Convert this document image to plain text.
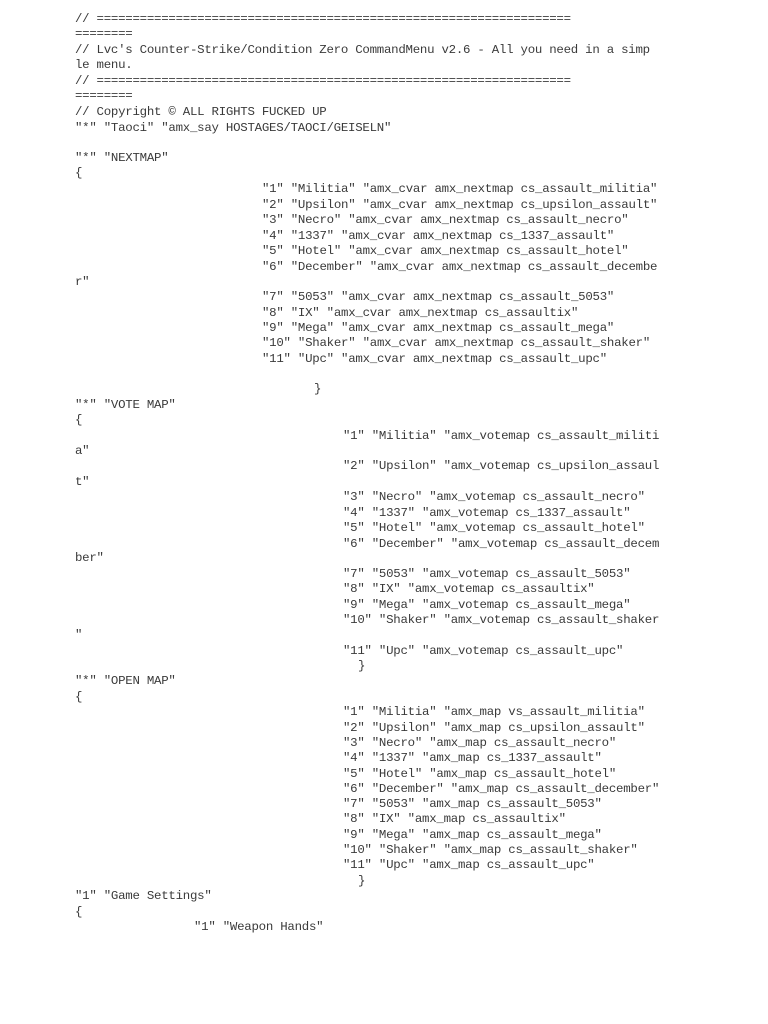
// ==================================================================
========
// Lvc's Counter-Strike/Condition Zero CommandMenu v2.6 - All you need in a simp
le menu.
// ==================================================================
========
// Copyright © ALL RIGHTS FUCKED UP
"*" "Taoci" "amx_say HOSTAGES/TAOCI/GEISELN"
"*" "NEXTMAP"
{
"1" "Militia" "amx_cvar amx_nextmap cs_assault_militia"
"2" "Upsilon" "amx_cvar amx_nextmap cs_upsilon_assault"
"3" "Necro" "amx_cvar amx_nextmap cs_assault_necro"
"4" "1337" "amx_cvar amx_nextmap cs_1337_assault"
"5" "Hotel" "amx_cvar amx_nextmap cs_assault_hotel"
"6" "December" "amx_cvar amx_nextmap cs_assault_decembe
r"
"7" "5053" "amx_cvar amx_nextmap cs_assault_5053"
"8" "IX" "amx_cvar amx_nextmap cs_assaultix"
"9" "Mega" "amx_cvar amx_nextmap cs_assault_mega"
"10" "Shaker" "amx_cvar amx_nextmap cs_assault_shaker"
"11" "Upc" "amx_cvar amx_nextmap cs_assault_upc"
}
"*" "VOTE MAP"
{
"1" "Militia" "amx_votemap cs_assault_militi
a"
"2" "Upsilon" "amx_votemap cs_upsilon_assaul
t"
"3" "Necro" "amx_votemap cs_assault_necro"
"4" "1337" "amx_votemap cs_1337_assault"
"5" "Hotel" "amx_votemap cs_assault_hotel"
"6" "December" "amx_votemap cs_assault_decem
ber"
"7" "5053" "amx_votemap cs_assault_5053"
"8" "IX" "amx_votemap cs_assaultix"
"9" "Mega" "amx_votemap cs_assault_mega"
"10" "Shaker" "amx_votemap cs_assault_shaker
"
"11" "Upc" "amx_votemap cs_assault_upc"
}
"*" "OPEN MAP"
{
"1" "Militia" "amx_map vs_assault_militia"
"2" "Upsilon" "amx_map cs_upsilon_assault"
"3" "Necro" "amx_map cs_assault_necro"
"4" "1337" "amx_map cs_1337_assault"
"5" "Hotel" "amx_map cs_assault_hotel"
"6" "December" "amx_map cs_assault_december"
"7" "5053" "amx_map cs_assault_5053"
"8" "IX" "amx_map cs_assaultix"
"9" "Mega" "amx_map cs_assault_mega"
"10" "Shaker" "amx_map cs_assault_shaker"
"11" "Upc" "amx_map cs_assault_upc"
}
"1" "Game Settings"
{
"1" "Weapon Hands"
